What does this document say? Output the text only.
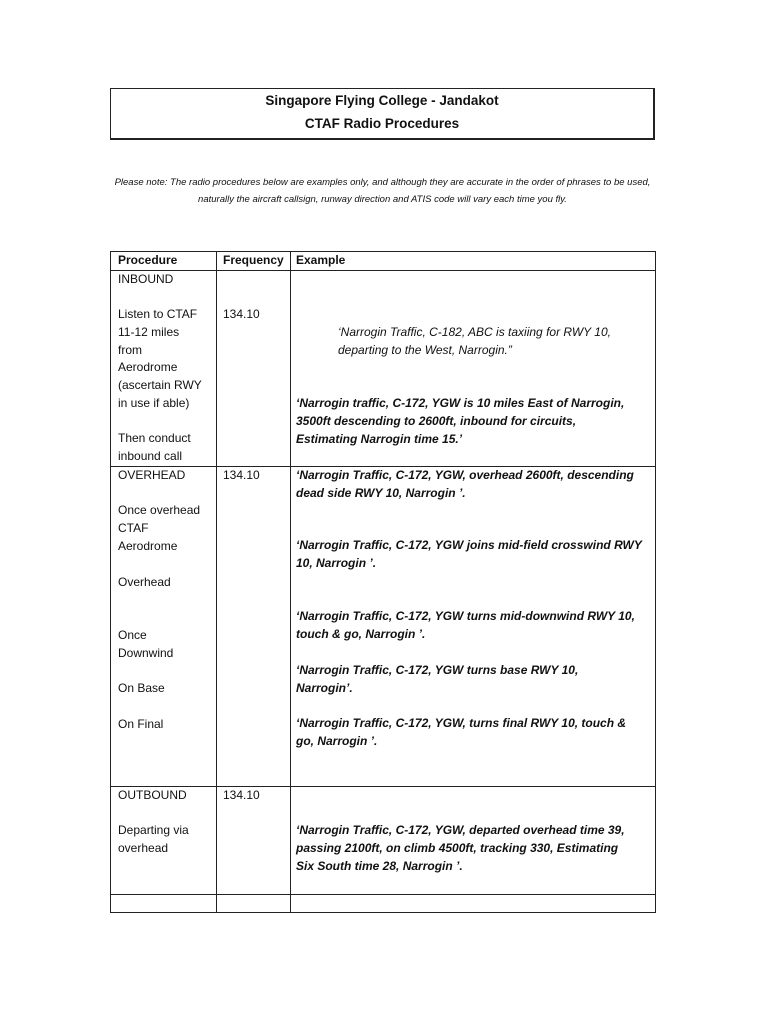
Singapore Flying College - Jandakot
CTAF Radio Procedures
Please note: The radio procedures below are examples only, and although they are accurate in the order of phrases to be used, naturally the aircraft callsign, runway direction and ATIS code will vary each time you fly.
Procedure	Frequency Example
INBOUND
Listen to CTAF
11-12 miles
from
Aerodrome
(ascertain RWY
in use if able)
Then conduct
inbound call
134.10
‘Narrogin Traffic, C-182, ABC is taxiing for RWY 10,
departing to the West, Narrogin.”
‘Narrogin traffic, C-172, YGW is 10 miles East of Narrogin,
3500ft descending to 2600ft, inbound for circuits,
Estimating Narrogin time 15.’
OVERHEAD
Once overhead
CTAF
Aerodrome
Overhead
Once
Downwind
On Base
On Final
134.10	‘Narrogin Traffic, C-172, YGW, overhead 2600ft, descending
dead side RWY 10, Narrogin ’.
‘Narrogin Traffic, C-172, YGW joins mid-field crosswind RWY
10, Narrogin ’.
‘Narrogin Traffic, C-172, YGW turns mid-downwind RWY 10,
touch & go, Narrogin ’.
‘Narrogin Traffic, C-172, YGW turns base RWY 10,
Narrogin’.
‘Narrogin Traffic, C-172, YGW, turns final RWY 10, touch &
go, Narrogin ’.
OUTBOUND
Departing via
overhead
134.10
‘Narrogin Traffic, C-172, YGW, departed overhead time 39,
passing 2100ft, on climb 4500ft, tracking 330, Estimating
Six South time 28, Narrogin ’.
